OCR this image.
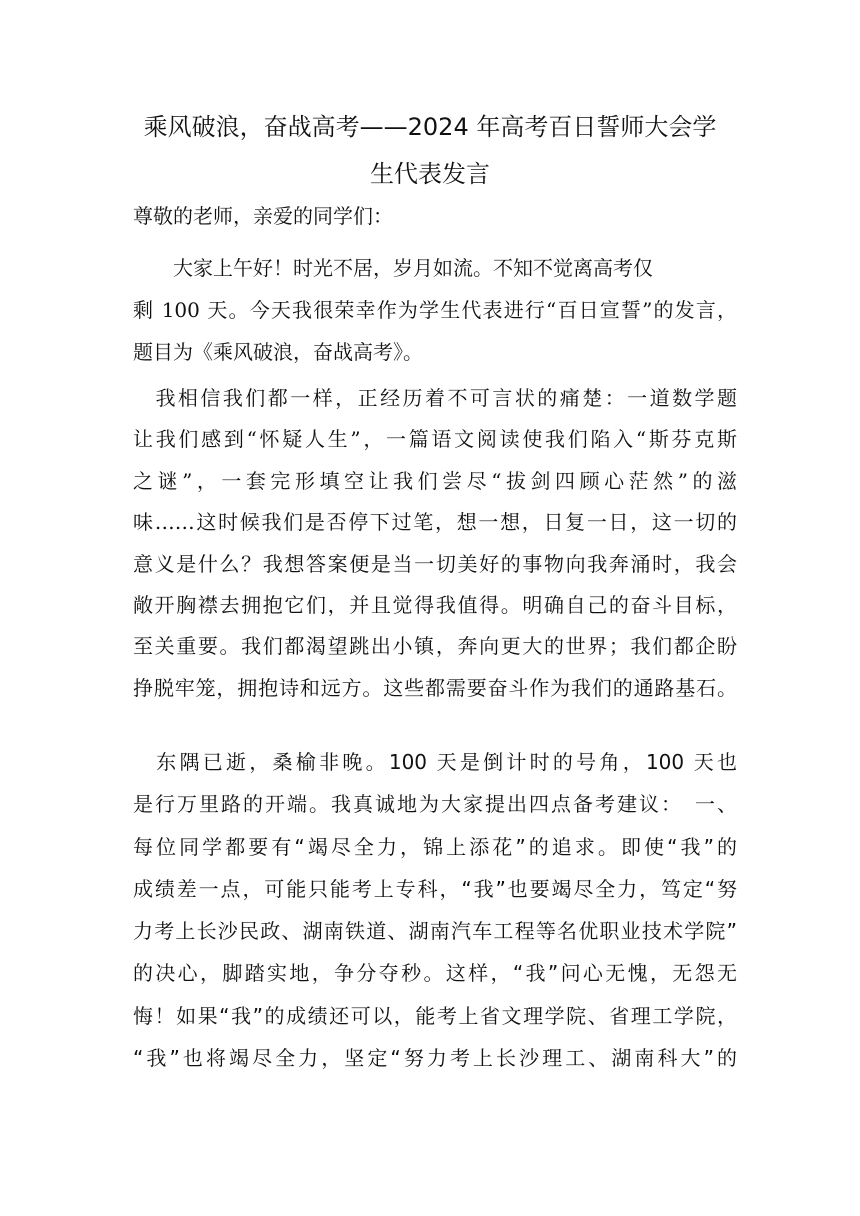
乘风破浪，奋战高考——2024 年高考百日誓师大会学
生代表发言
尊敬的老师，亲爱的同学们：
　　大家上午好！时光不居，岁月如流。不知不觉离高考仅
剩 100 天。今天我很荣幸作为学生代表进行“百日宣誓”的发言，
题目为《乘风破浪，奋战高考》。
　我相信我们都一样，正经历着不可言状的痛楚：一道数学题
让我们感到“怀疑人生”，一篇语文阅读使我们陷入“斯芬克斯
之谜”，一套完形填空让我们尝尽“拔剑四顾心茫然”的滋
味……这时候我们是否停下过笔，想一想，日复一日，这一切的
意义是什么？我想答案便是当一切美好的事物向我奔涌时，我会
敞开胸襟去拥抱它们，并且觉得我值得。明确自己的奋斗目标，
至关重要。我们都渴望跳出小镇，奔向更大的世界；我们都企盼
挣脱牢笼，拥抱诗和远方。这些都需要奋斗作为我们的通路基石。
　东隅已逝，桑榆非晚。100 天是倒计时的号角，100 天也
是行万里路的开端。我真诚地为大家提出四点备考建议：　一、
每位同学都要有“竭尽全力，锦上添花”的追求。即使“我”的
成绩差一点，可能只能考上专科，“我”也要竭尽全力，笃定“努
力考上长沙民政、湖南铁道、湖南汽车工程等名优职业技术学院”
的决心，脚踏实地，争分夺秒。这样，“我”问心无愧，无怨无
悔！如果“我”的成绩还可以，能考上省文理学院、省理工学院，
“我”也将竭尽全力，坚定“努力考上长沙理工、湖南科大”的
